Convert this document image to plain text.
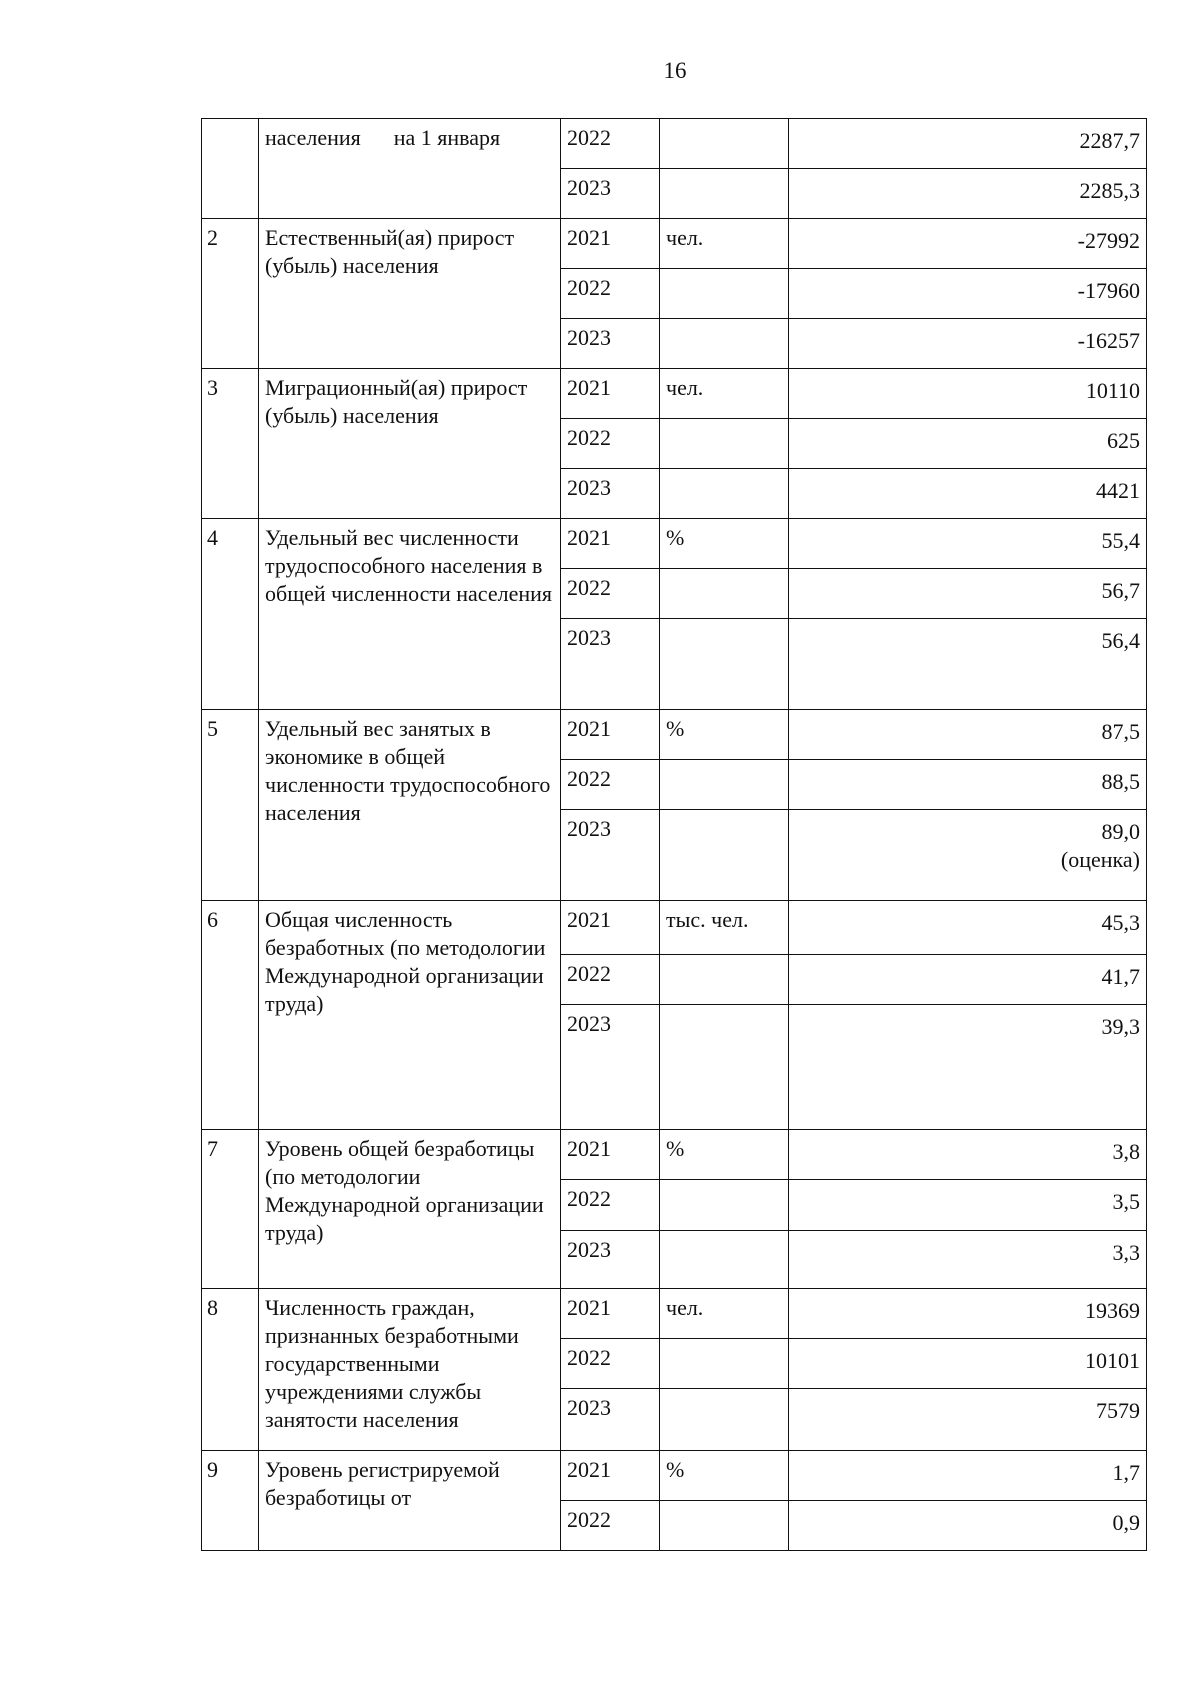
16
	населения      на 1 января	2022		2287,7
		2023		2285,3
2	Естественный(ая) прирост (убыль) населения	2021	чел.	-27992
		2022		-17960
		2023		-16257
3	Миграционный(ая) прирост (убыль) населения	2021	чел.	10110
		2022		625
		2023		4421
4	Удельный вес численности трудоспособного населения в общей численности населения	2021	%	55,4
		2022		56,7
		2023		56,4
5	Удельный вес занятых в экономике в общей численности трудоспособного населения	2021	%	87,5
		2022		88,5
		2023		89,0
(оценка)
6	Общая численность безработных (по методологии Международной организации труда)	2021	тыс. чел.	45,3
		2022		41,7
		2023		39,3
7	Уровень общей безработицы (по методологии Международной организации труда)	2021	%	3,8
		2022		3,5
		2023		3,3
8	Численность граждан, признанных безработными государственными учреждениями службы занятости населения	2021	чел.	19369
		2022		10101
		2023		7579
9	Уровень регистрируемой безработицы от	2021	%	1,7
		2022		0,9
